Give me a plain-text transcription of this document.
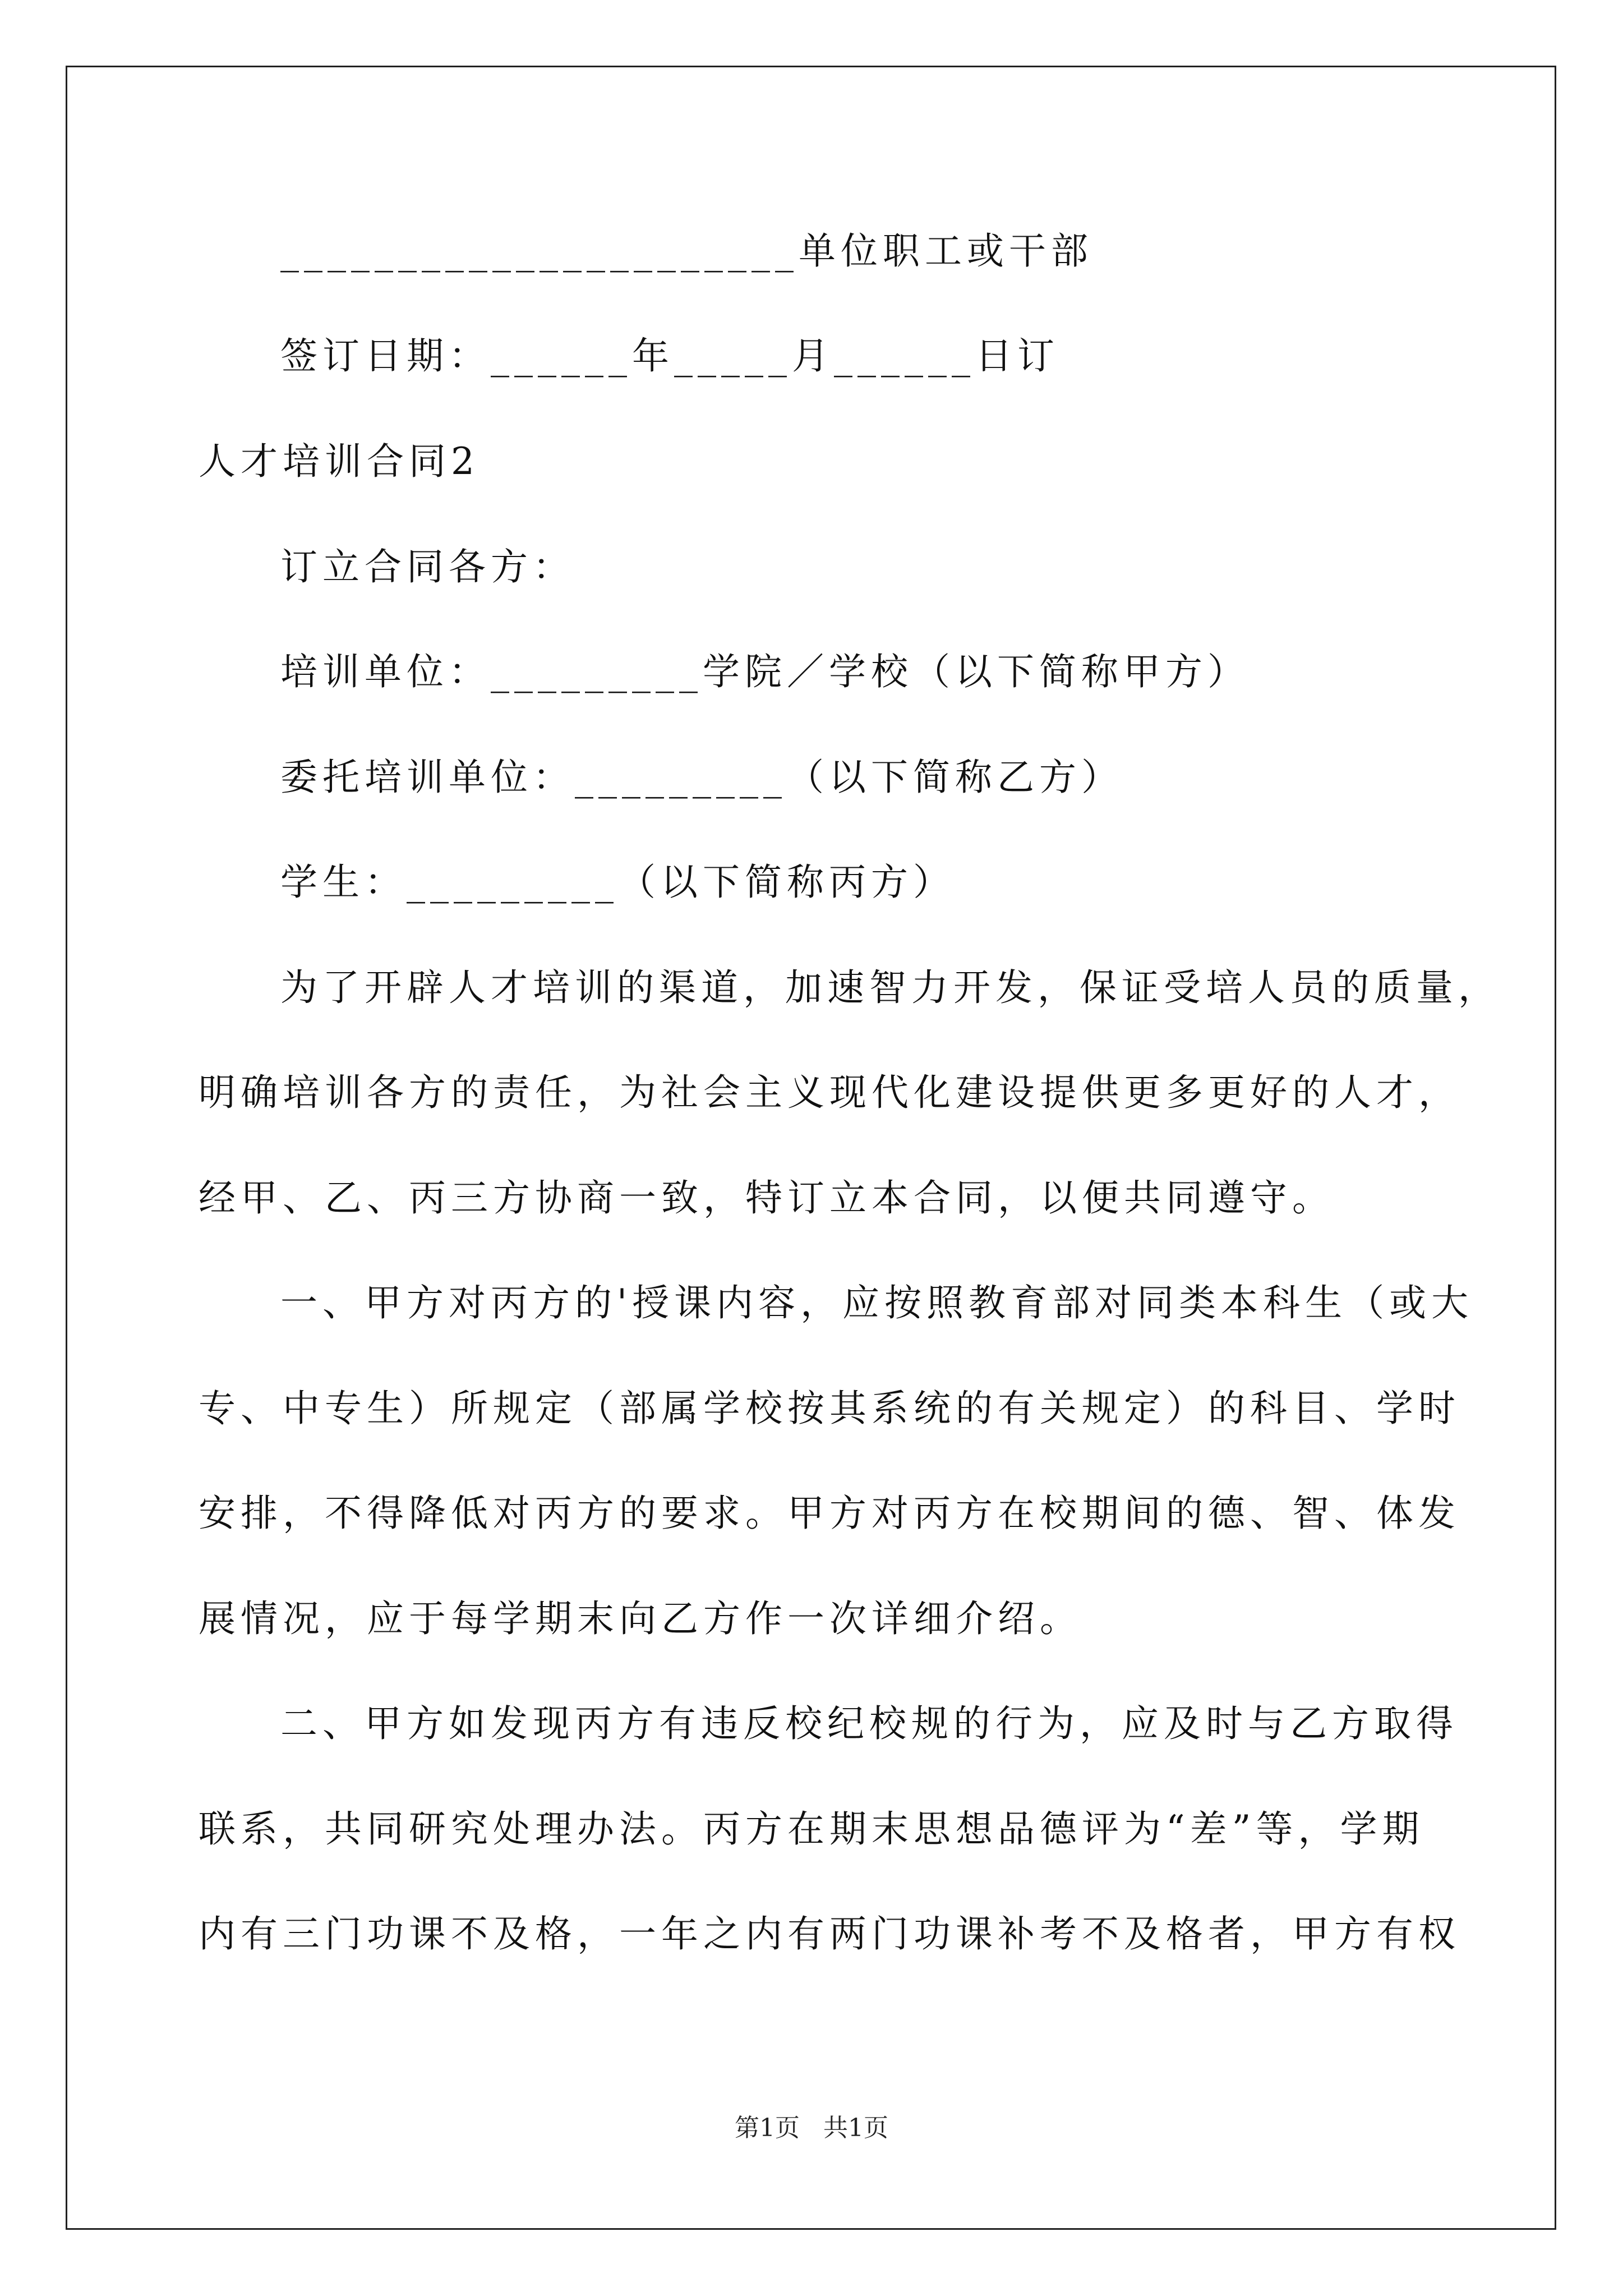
______________________单位职工或干部

签订日期：______年_____月______日订

人才培训合同2

订立合同各方：

培训单位：_________学院／学校（以下简称甲方）

委托培训单位：_________（以下简称乙方）

学生：_________（以下简称丙方）

为了开辟人才培训的渠道，加速智力开发，保证受培人员的质量，

明确培训各方的责任，为社会主义现代化建设提供更多更好的人才，

经甲、乙、丙三方协商一致，特订立本合同，以便共同遵守。

一、甲方对丙方的'授课内容，应按照教育部对同类本科生（或大

专、中专生）所规定（部属学校按其系统的有关规定）的科目、学时

安排，不得降低对丙方的要求。甲方对丙方在校期间的德、智、体发

展情况，应于每学期末向乙方作一次详细介绍。

二、甲方如发现丙方有违反校纪校规的行为，应及时与乙方取得

联系，共同研究处理办法。丙方在期末思想品德评为“差”等，学期

内有三门功课不及格，一年之内有两门功课补考不及格者，甲方有权

第1页   共1页
